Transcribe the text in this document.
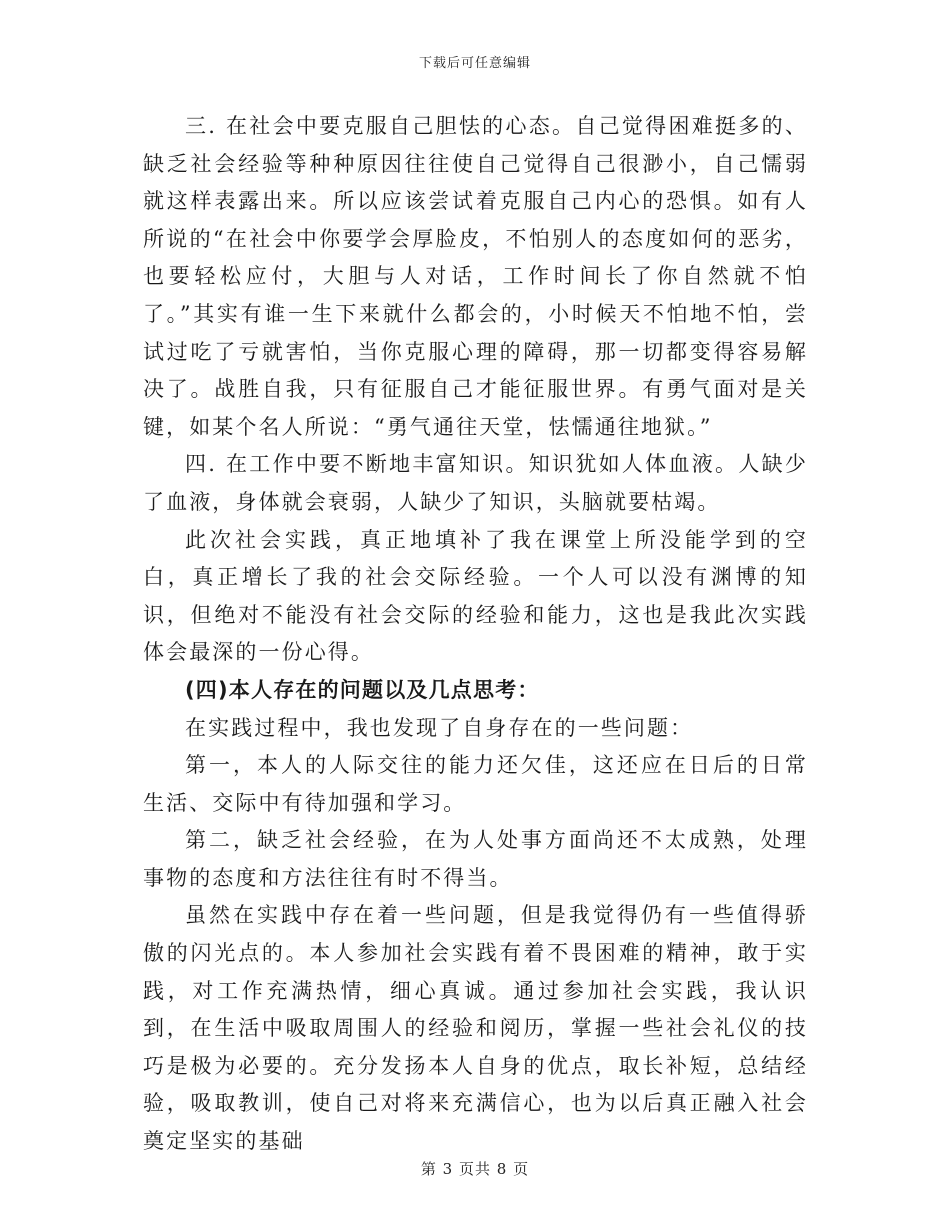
下载后可任意编辑

三. 在社会中要克服自己胆怯的心态。自己觉得困难挺多的、缺乏社会经验等种种原因往往使自己觉得自己很渺小，自己懦弱就这样表露出来。所以应该尝试着克服自己内心的恐惧。如有人所说的“在社会中你要学会厚脸皮，不怕别人的态度如何的恶劣，也要轻松应付，大胆与人对话，工作时间长了你自然就不怕了。”其实有谁一生下来就什么都会的，小时候天不怕地不怕，尝试过吃了亏就害怕，当你克服心理的障碍，那一切都变得容易解决了。战胜自我，只有征服自己才能征服世界。有勇气面对是关键，如某个名人所说：“勇气通往天堂，怯懦通往地狱。”

四. 在工作中要不断地丰富知识。知识犹如人体血液。人缺少了血液，身体就会衰弱，人缺少了知识，头脑就要枯竭。

此次社会实践，真正地填补了我在课堂上所没能学到的空白，真正增长了我的社会交际经验。一个人可以没有渊博的知识，但绝对不能没有社会交际的经验和能力，这也是我此次实践体会最深的一份心得。

(四)本人存在的问题以及几点思考：

在实践过程中，我也发现了自身存在的一些问题：

第一，本人的人际交往的能力还欠佳，这还应在日后的日常生活、交际中有待加强和学习。

第二，缺乏社会经验，在为人处事方面尚还不太成熟，处理事物的态度和方法往往有时不得当。

虽然在实践中存在着一些问题，但是我觉得仍有一些值得骄傲的闪光点的。本人参加社会实践有着不畏困难的精神，敢于实践，对工作充满热情，细心真诚。通过参加社会实践，我认识到，在生活中吸取周围人的经验和阅历，掌握一些社会礼仪的技巧是极为必要的。充分发扬本人自身的优点，取长补短，总结经验，吸取教训，使自己对将来充满信心，也为以后真正融入社会奠定坚实的基础

第 3 页共 8 页
